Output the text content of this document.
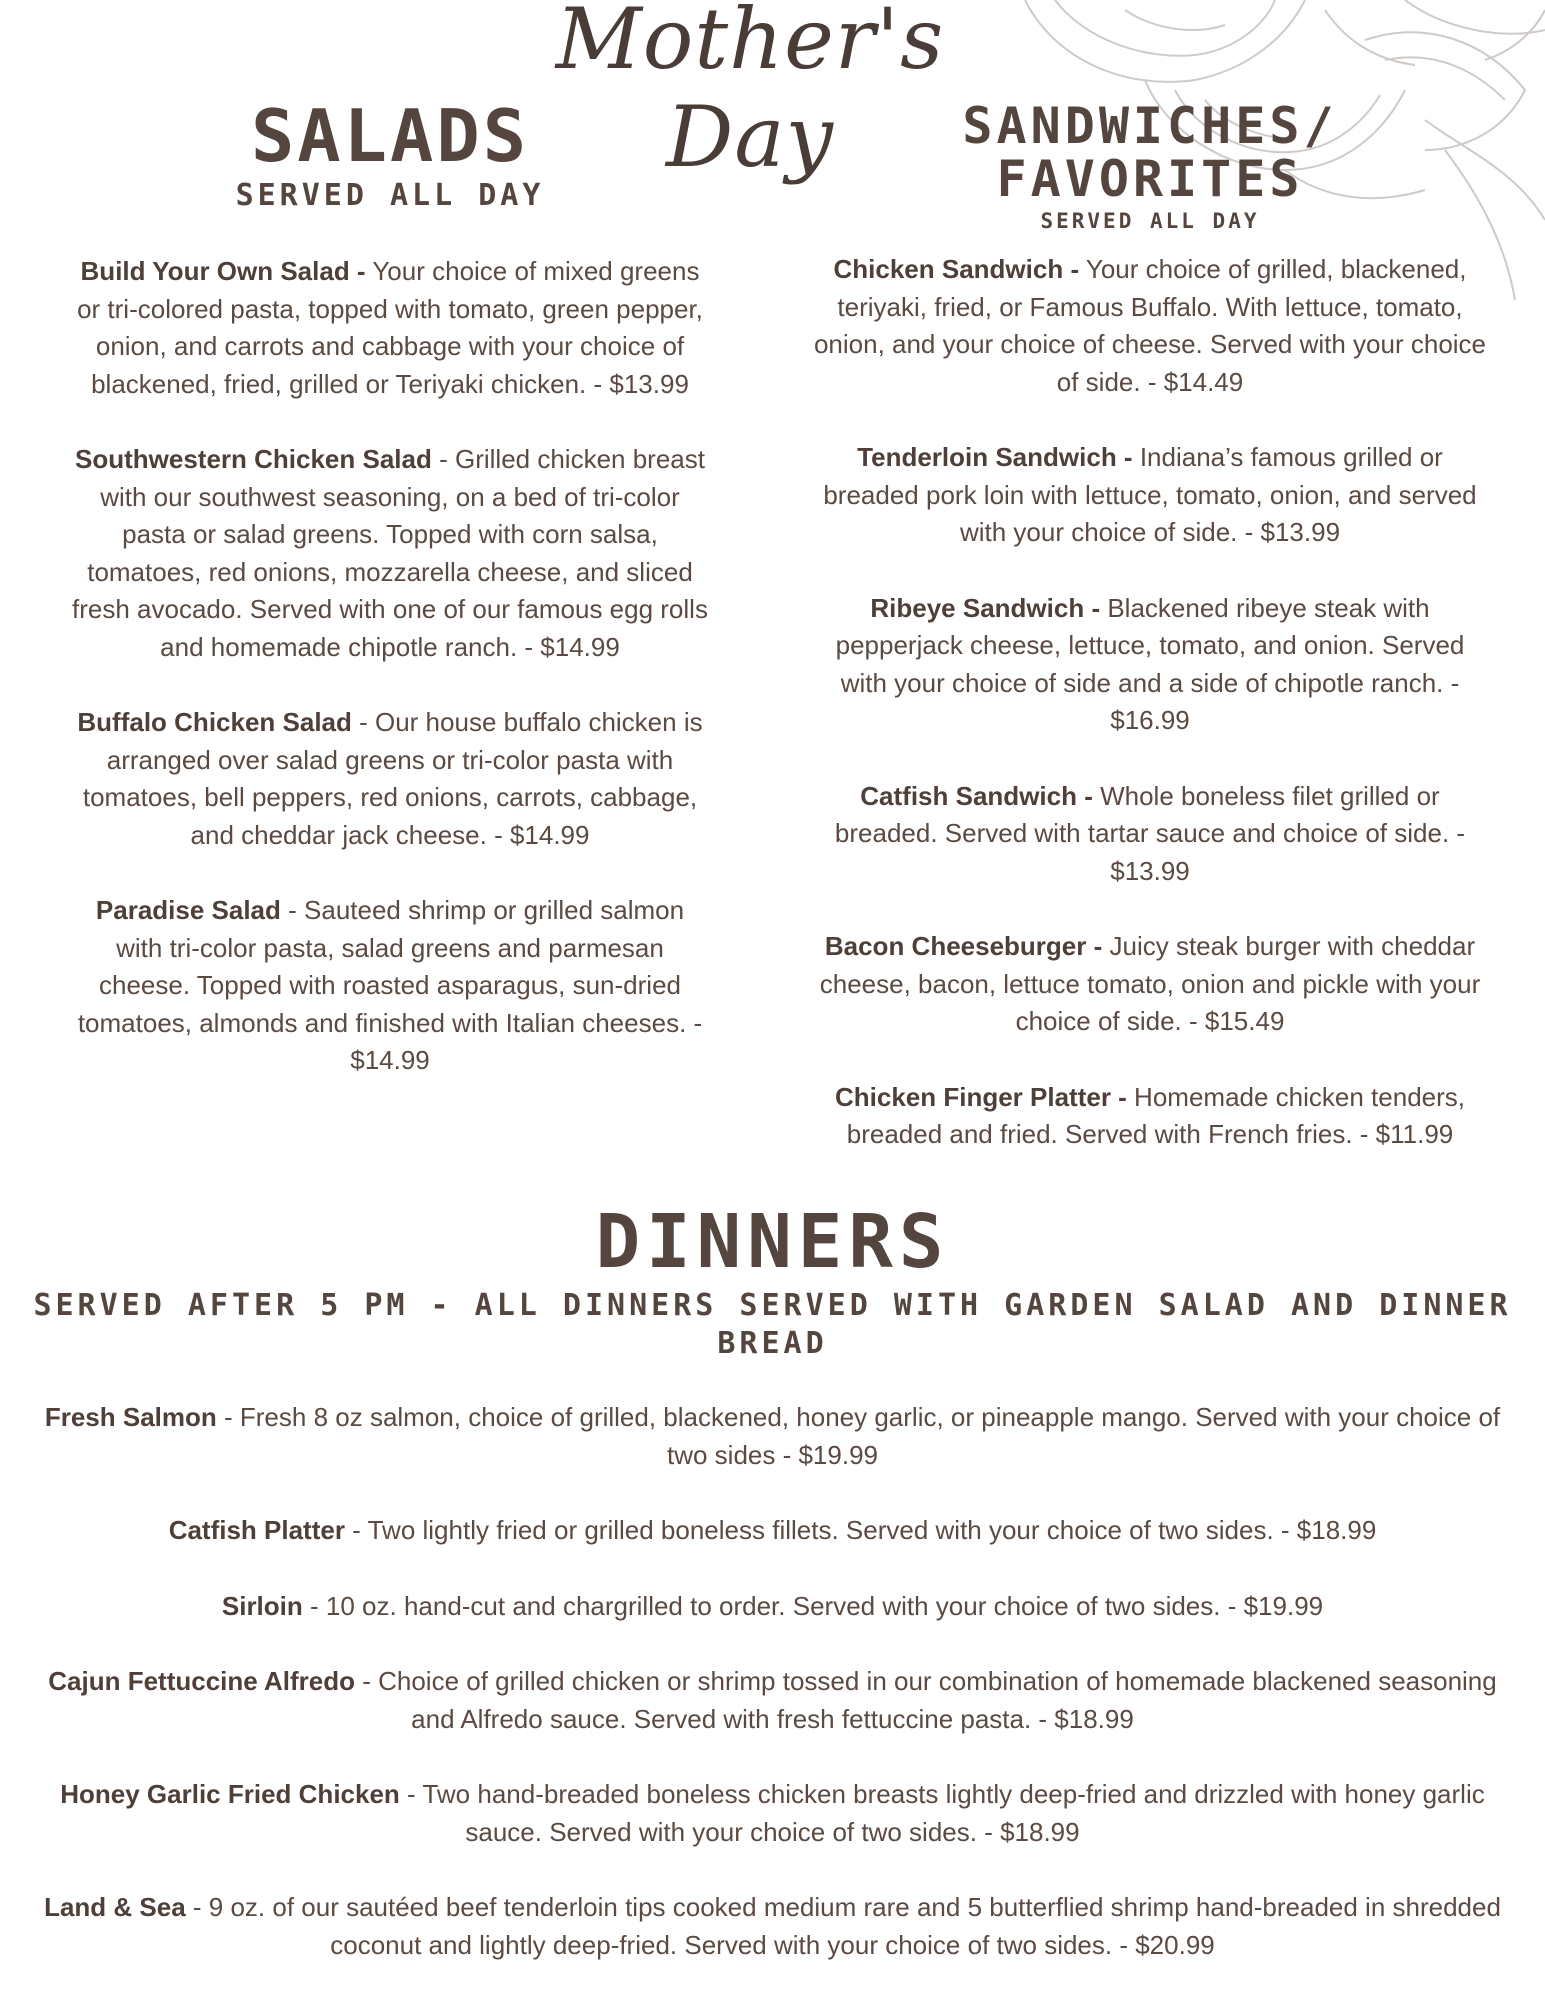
Mother's Day
SALADS
SERVED ALL DAY

Build Your Own Salad - Your choice of mixed greens or tri-colored pasta, topped with tomato, green pepper, onion, and carrots and cabbage with your choice of blackened, fried, grilled or Teriyaki chicken. - $13.99

Southwestern Chicken Salad - Grilled chicken breast with our southwest seasoning, on a bed of tri-color pasta or salad greens. Topped with corn salsa, tomatoes, red onions, mozzarella cheese, and sliced fresh avocado. Served with one of our famous egg rolls and homemade chipotle ranch. - $14.99

Buffalo Chicken Salad - Our house buffalo chicken is arranged over salad greens or tri-color pasta with tomatoes, bell peppers, red onions, carrots, cabbage, and cheddar jack cheese. - $14.99

Paradise Salad - Sauteed shrimp or grilled salmon with tri-color pasta, salad greens and parmesan cheese. Topped with roasted asparagus, sun-dried tomatoes, almonds and finished with Italian cheeses. - $14.99

SANDWICHES/
FAVORITES
SERVED ALL DAY

Chicken Sandwich - Your choice of grilled, blackened, teriyaki, fried, or Famous Buffalo. With lettuce, tomato, onion, and your choice of cheese. Served with your choice of side. - $14.49

Tenderloin Sandwich - Indiana’s famous grilled or breaded pork loin with lettuce, tomato, onion, and served with your choice of side. - $13.99

Ribeye Sandwich - Blackened ribeye steak with pepperjack cheese, lettuce, tomato, and onion. Served with your choice of side and a side of chipotle ranch. - $16.99

Catfish Sandwich - Whole boneless filet grilled or breaded. Served with tartar sauce and choice of side. - $13.99

Bacon Cheeseburger - Juicy steak burger with cheddar cheese, bacon, lettuce tomato, onion and pickle with your choice of side. - $15.49

Chicken Finger Platter - Homemade chicken tenders, breaded and fried. Served with French fries. - $11.99

DINNERS
SERVED AFTER 5 PM - ALL DINNERS SERVED WITH GARDEN SALAD AND DINNER BREAD

Fresh Salmon - Fresh 8 oz salmon, choice of grilled, blackened, honey garlic, or pineapple mango. Served with your choice of two sides - $19.99

Catfish Platter - Two lightly fried or grilled boneless fillets. Served with your choice of two sides. - $18.99

Sirloin - 10 oz. hand-cut and chargrilled to order. Served with your choice of two sides. - $19.99

Cajun Fettuccine Alfredo - Choice of grilled chicken or shrimp tossed in our combination of homemade blackened seasoning and Alfredo sauce. Served with fresh fettuccine pasta. - $18.99

Honey Garlic Fried Chicken - Two hand-breaded boneless chicken breasts lightly deep-fried and drizzled with honey garlic sauce. Served with your choice of two sides. - $18.99

Land & Sea - 9 oz. of our sautéed beef tenderloin tips cooked medium rare and 5 butterflied shrimp hand-breaded in shredded coconut and lightly deep-fried. Served with your choice of two sides. - $20.99
